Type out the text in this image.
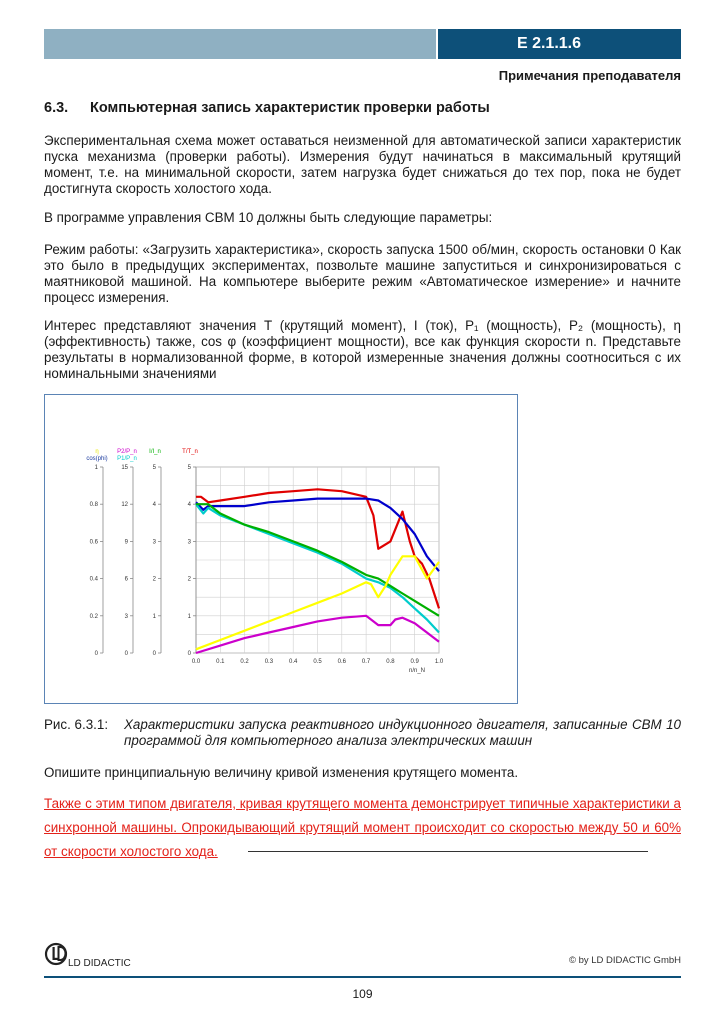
E 2.1.1.6
Примечания преподавателя
6.3. Компьютерная запись характеристик проверки работы

Экспериментальная схема может оставаться неизменной для автоматической записи характеристик пуска механизма (проверки работы). Измерения будут начинаться в максимальный крутящий момент, т.е. на минимальной скорости, затем нагрузка будет снижаться до тех пор, пока не будет достигнута скорость холостого хода.

В программе управления CBM 10 должны быть следующие параметры:

Режим работы: «Загрузить характеристика», скорость запуска 1500 об/мин, скорость остановки 0 Как это было в предыдущих экспериментах, позвольте машине запуститься и синхронизироваться с маятниковой машиной. На компьютере выберите режим «Автоматическое измерение» и начните процесс измерения.

Интерес представляют значения T (крутящий момент), I (ток), P₁ (мощность), P₂ (мощность), η (эффективность) также, cos φ (коэффициент мощности), все как функция скорости n. Представьте результаты в нормализованной форме, в которой измеренные значения должны соотноситься с их номинальными значениями

0.0	0.1	0.2	0.3	0.4	0.5	0.6	0.7	0.8	0.9	1.0
n/n_N
1
0.8
0.6
0.4
0.2
0
η
cos(phi)
15
12
9
6
3
0
P2/P_n
P1/P_n
5
4
3
2
1
0
I/I_n
5
4
3
2
1
0
T/T_n
Рис. 6.3.1: Характеристики запуска реактивного индукционного двигателя, записанные CBM 10 программой для компьютерного анализа электрических машин

Опишите принципиальную величину кривой изменения крутящего момента.

Также с этим типом двигателя, кривая крутящего момента демонстрирует типичные характеристики а синхронной машины. Опрокидывающий крутящий момент происходит со скоростью между 50 и 60% от скорости холостого хода.
LD DIDACTIC	© by LD DIDACTIC GmbH
109
